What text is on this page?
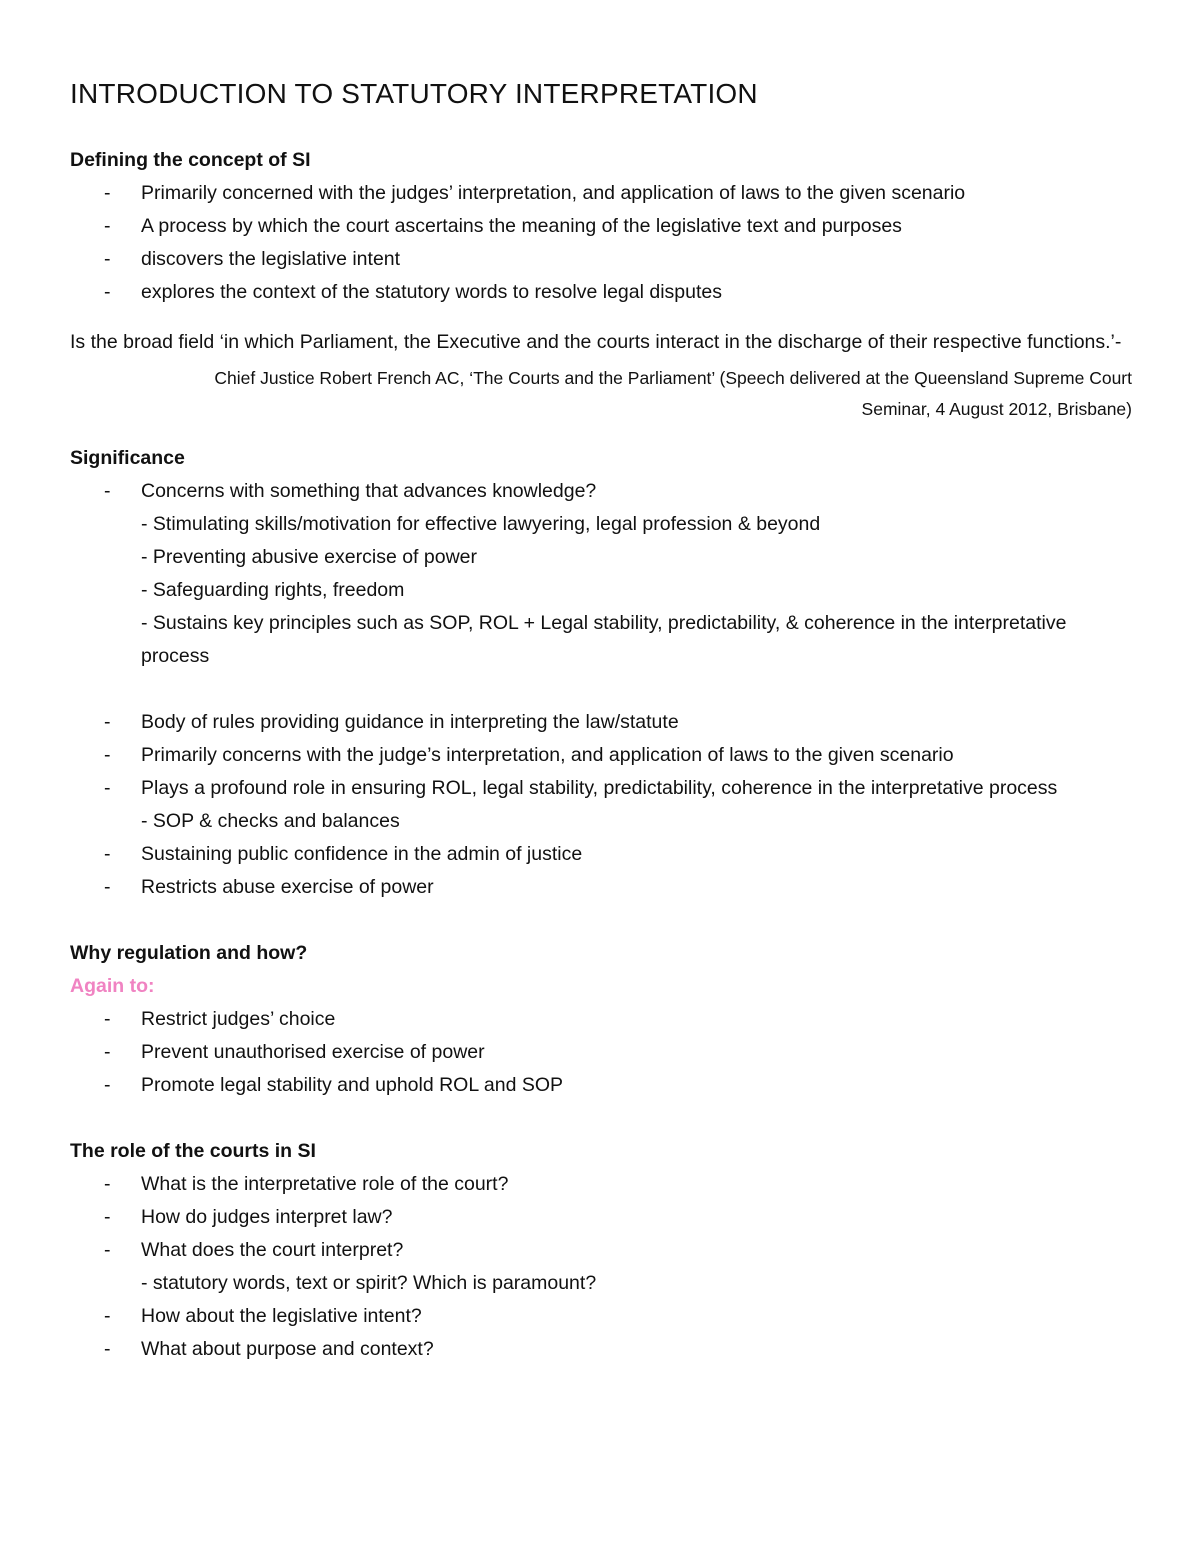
INTRODUCTION TO STATUTORY INTERPRETATION
Defining the concept of SI
- Primarily concerned with the judges’ interpretation, and application of laws to the given scenario
- A process by which the court ascertains the meaning of the legislative text and purposes
- discovers the legislative intent
- explores the context of the statutory words to resolve legal disputes
Is the broad field ‘in which Parliament, the Executive and the courts interact in the discharge of their respective functions.’-
Chief Justice Robert French AC, ‘The Courts and the Parliament’ (Speech delivered at the Queensland Supreme Court
Seminar, 4 August 2012, Brisbane)
Significance
- Concerns with something that advances knowledge?
- Stimulating skills/motivation for effective lawyering, legal profession & beyond
- Preventing abusive exercise of power
- Safeguarding rights, freedom
- Sustains key principles such as SOP, ROL + Legal stability, predictability, & coherence in the interpretative process
- Body of rules providing guidance in interpreting the law/statute
- Primarily concerns with the judge’s interpretation, and application of laws to the given scenario
- Plays a profound role in ensuring ROL, legal stability, predictability, coherence in the interpretative process
- SOP & checks and balances
- Sustaining public confidence in the admin of justice
- Restricts abuse exercise of power
Why regulation and how?
Again to:
- Restrict judges’ choice
- Prevent unauthorised exercise of power
- Promote legal stability and uphold ROL and SOP
The role of the courts in SI
- What is the interpretative role of the court?
- How do judges interpret law?
- What does the court interpret?
- statutory words, text or spirit? Which is paramount?
- How about the legislative intent?
- What about purpose and context?
